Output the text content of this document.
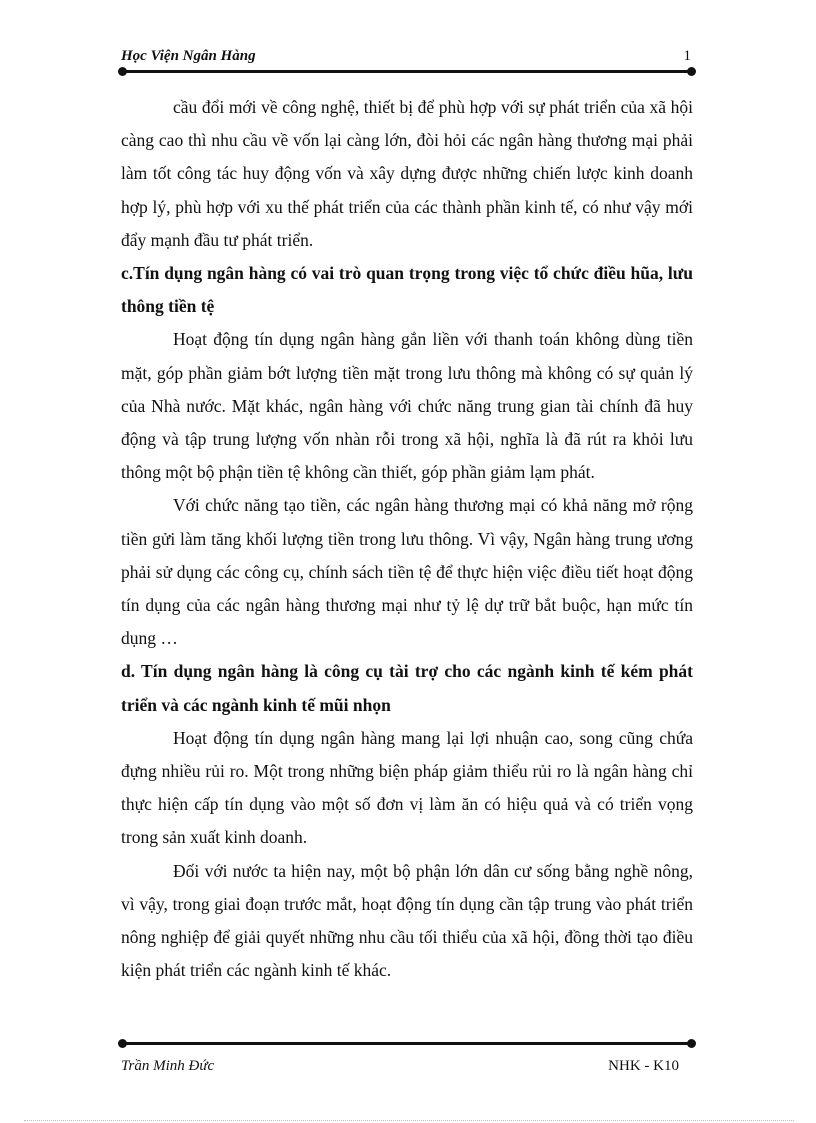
Học Viện Ngân Hàng	1

cầu đổi mới về công nghệ, thiết bị để phù hợp với sự phát triển của xã hội càng cao thì nhu cầu về vốn lại càng lớn, đòi hỏi các ngân hàng thương mại phải làm tốt công tác huy động vốn và xây dựng được những chiến lược kinh doanh hợp lý, phù hợp với xu thế phát triển của các thành phần kinh tế, có như vậy mới đẩy mạnh đầu tư phát triển.

c.Tín dụng ngân hàng có vai trò quan trọng trong việc tổ chức điều hũa, lưu thông tiền tệ

Hoạt động tín dụng ngân hàng gắn liền với thanh toán không dùng tiền mặt, góp phần giảm bớt lượng tiền mặt trong lưu thông mà không có sự quản lý của Nhà nước. Mặt khác, ngân hàng với chức năng trung gian tài chính đã huy động và tập trung lượng vốn nhàn rỗi trong xã hội, nghĩa là đã rút ra khỏi lưu thông một bộ phận tiền tệ không cần thiết, góp phần giảm lạm phát.

Với chức năng tạo tiền, các ngân hàng thương mại có khả năng mở rộng tiền gửi làm tăng khối lượng tiền trong lưu thông. Vì vậy, Ngân hàng trung ương phải sử dụng các công cụ, chính sách tiền tệ để thực hiện việc điều tiết hoạt động tín dụng của các ngân hàng thương mại như tỷ lệ dự trữ bắt buộc, hạn mức tín dụng …

d. Tín dụng ngân hàng là công cụ tài trợ cho các ngành kinh tế kém phát triển và các ngành kinh tế mũi nhọn

Hoạt động tín dụng ngân hàng mang lại lợi nhuận cao, song cũng chứa đựng nhiều rủi ro. Một trong những biện pháp giảm thiểu rủi ro là ngân hàng chỉ thực hiện cấp tín dụng vào một số đơn vị làm ăn có hiệu quả và có triển vọng trong sản xuất kinh doanh.

Đối với nước ta hiện nay, một bộ phận lớn dân cư sống bằng nghề nông, vì vậy, trong giai đoạn trước mắt, hoạt động tín dụng cần tập trung vào phát triển nông nghiệp để giải quyết những nhu cầu tối thiểu của xã hội, đồng thời tạo điều kiện phát triển các ngành kinh tế khác.

Trần Minh Đức	NHK - K10
